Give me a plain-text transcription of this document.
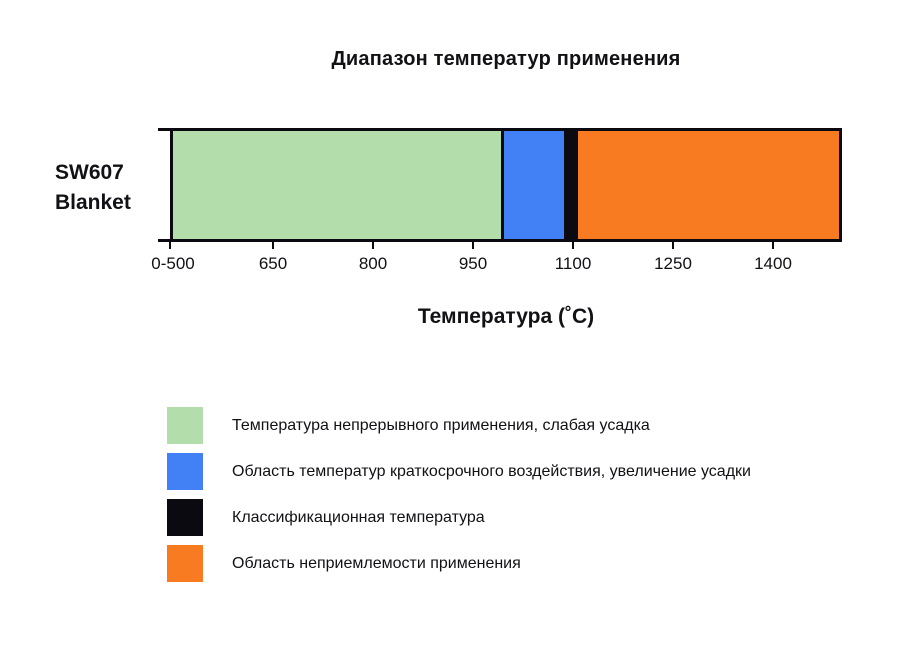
Диапазон температур применения
SW607
Blanket
0-500	650	800	950	1100	1250	1400
Температура (˚C)
Температура непрерывного применения, слабая усадка
Область температур краткосрочного воздействия, увеличение усадки
Классификационная температура
Область неприемлемости применения
